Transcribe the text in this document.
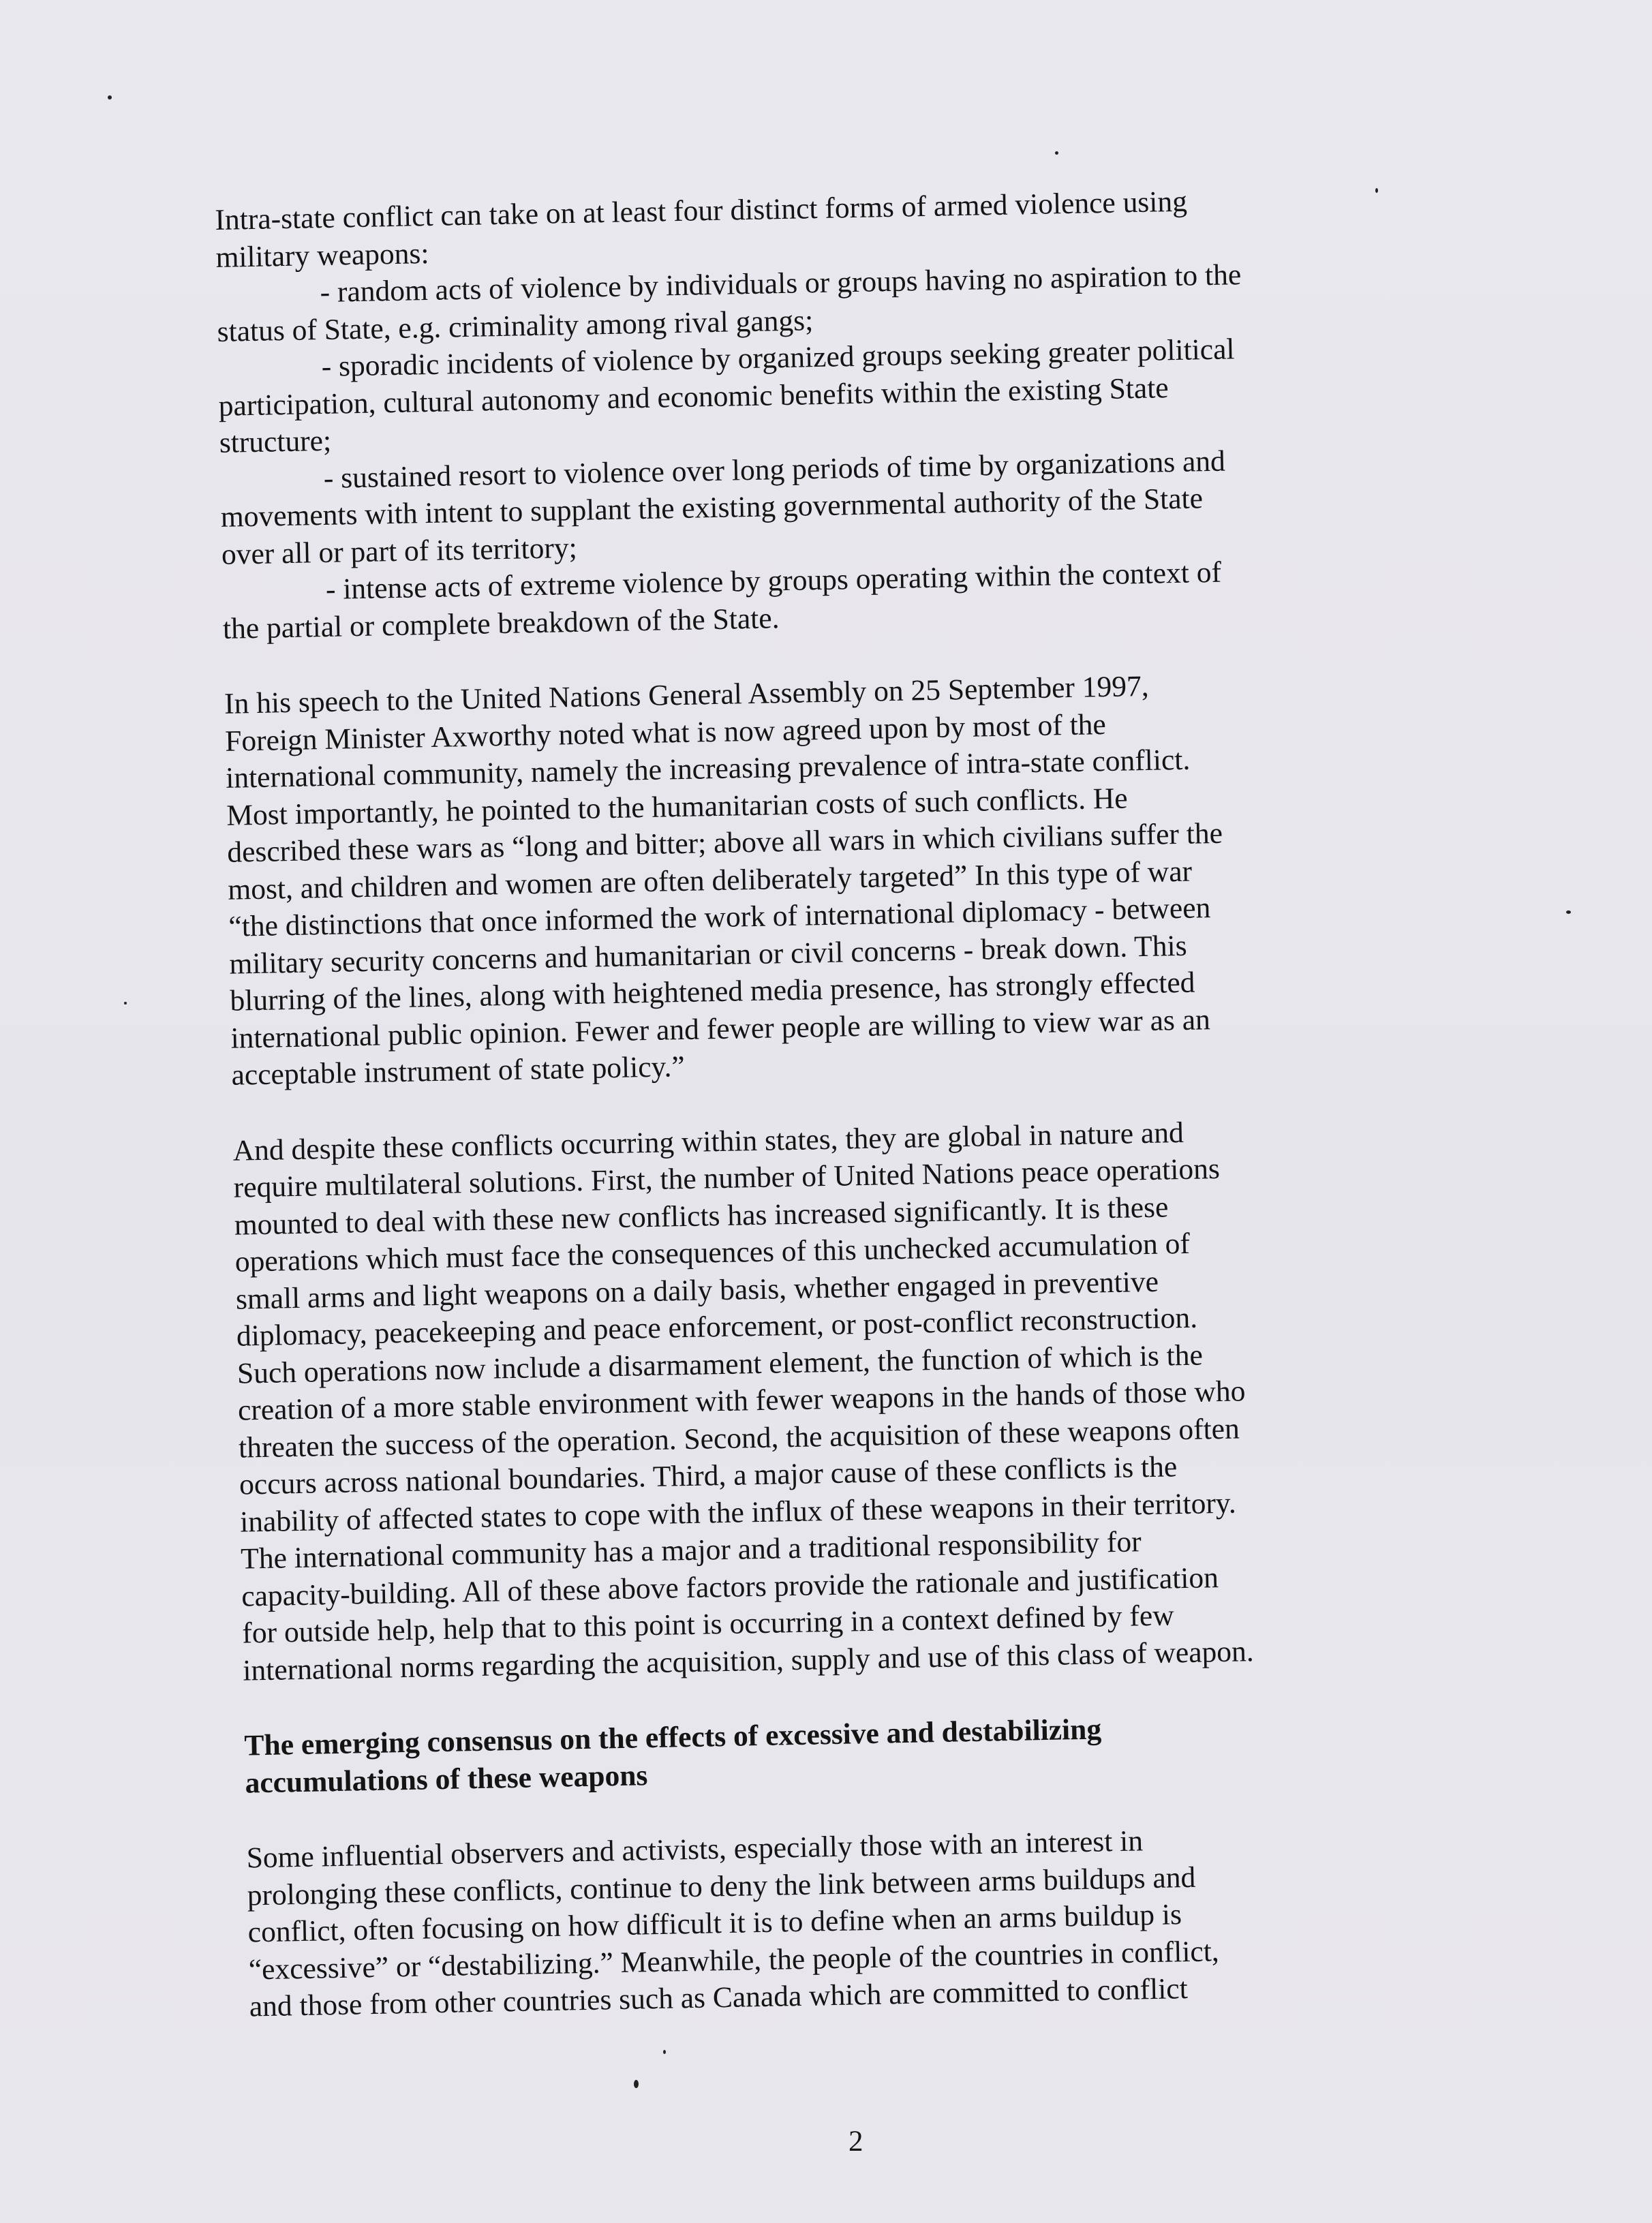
Intra-state conflict can take on at least four distinct forms of armed violence using
military weapons:
- random acts of violence by individuals or groups having no aspiration to the
status of State, e.g. criminality among rival gangs;
- sporadic incidents of violence by organized groups seeking greater political
participation, cultural autonomy and economic benefits within the existing State
structure;
- sustained resort to violence over long periods of time by organizations and
movements with intent to supplant the existing governmental authority of the State
over all or part of its territory;
- intense acts of extreme violence by groups operating within the context of
the partial or complete breakdown of the State.
In his speech to the United Nations General Assembly on 25 September 1997,
Foreign Minister Axworthy noted what is now agreed upon by most of the
international community, namely the increasing prevalence of intra-state conflict.
Most importantly, he pointed to the humanitarian costs of such conflicts. He
described these wars as “long and bitter; above all wars in which civilians suffer the
most, and children and women are often deliberately targeted” In this type of war
“the distinctions that once informed the work of international diplomacy - between
military security concerns and humanitarian or civil concerns - break down. This
blurring of the lines, along with heightened media presence, has strongly effected
international public opinion. Fewer and fewer people are willing to view war as an
acceptable instrument of state policy.”
And despite these conflicts occurring within states, they are global in nature and
require multilateral solutions. First, the number of United Nations peace operations
mounted to deal with these new conflicts has increased significantly. It is these
operations which must face the consequences of this unchecked accumulation of
small arms and light weapons on a daily basis, whether engaged in preventive
diplomacy, peacekeeping and peace enforcement, or post-conflict reconstruction.
Such operations now include a disarmament element, the function of which is the
creation of a more stable environment with fewer weapons in the hands of those who
threaten the success of the operation. Second, the acquisition of these weapons often
occurs across national boundaries. Third, a major cause of these conflicts is the
inability of affected states to cope with the influx of these weapons in their territory.
The international community has a major and a traditional responsibility for
capacity-building. All of these above factors provide the rationale and justification
for outside help, help that to this point is occurring in a context defined by few
international norms regarding the acquisition, supply and use of this class of weapon.
The emerging consensus on the effects of excessive and destabilizing
accumulations of these weapons
Some influential observers and activists, especially those with an interest in
prolonging these conflicts, continue to deny the link between arms buildups and
conflict, often focusing on how difficult it is to define when an arms buildup is
“excessive” or “destabilizing.” Meanwhile, the people of the countries in conflict,
and those from other countries such as Canada which are committed to conflict
2
